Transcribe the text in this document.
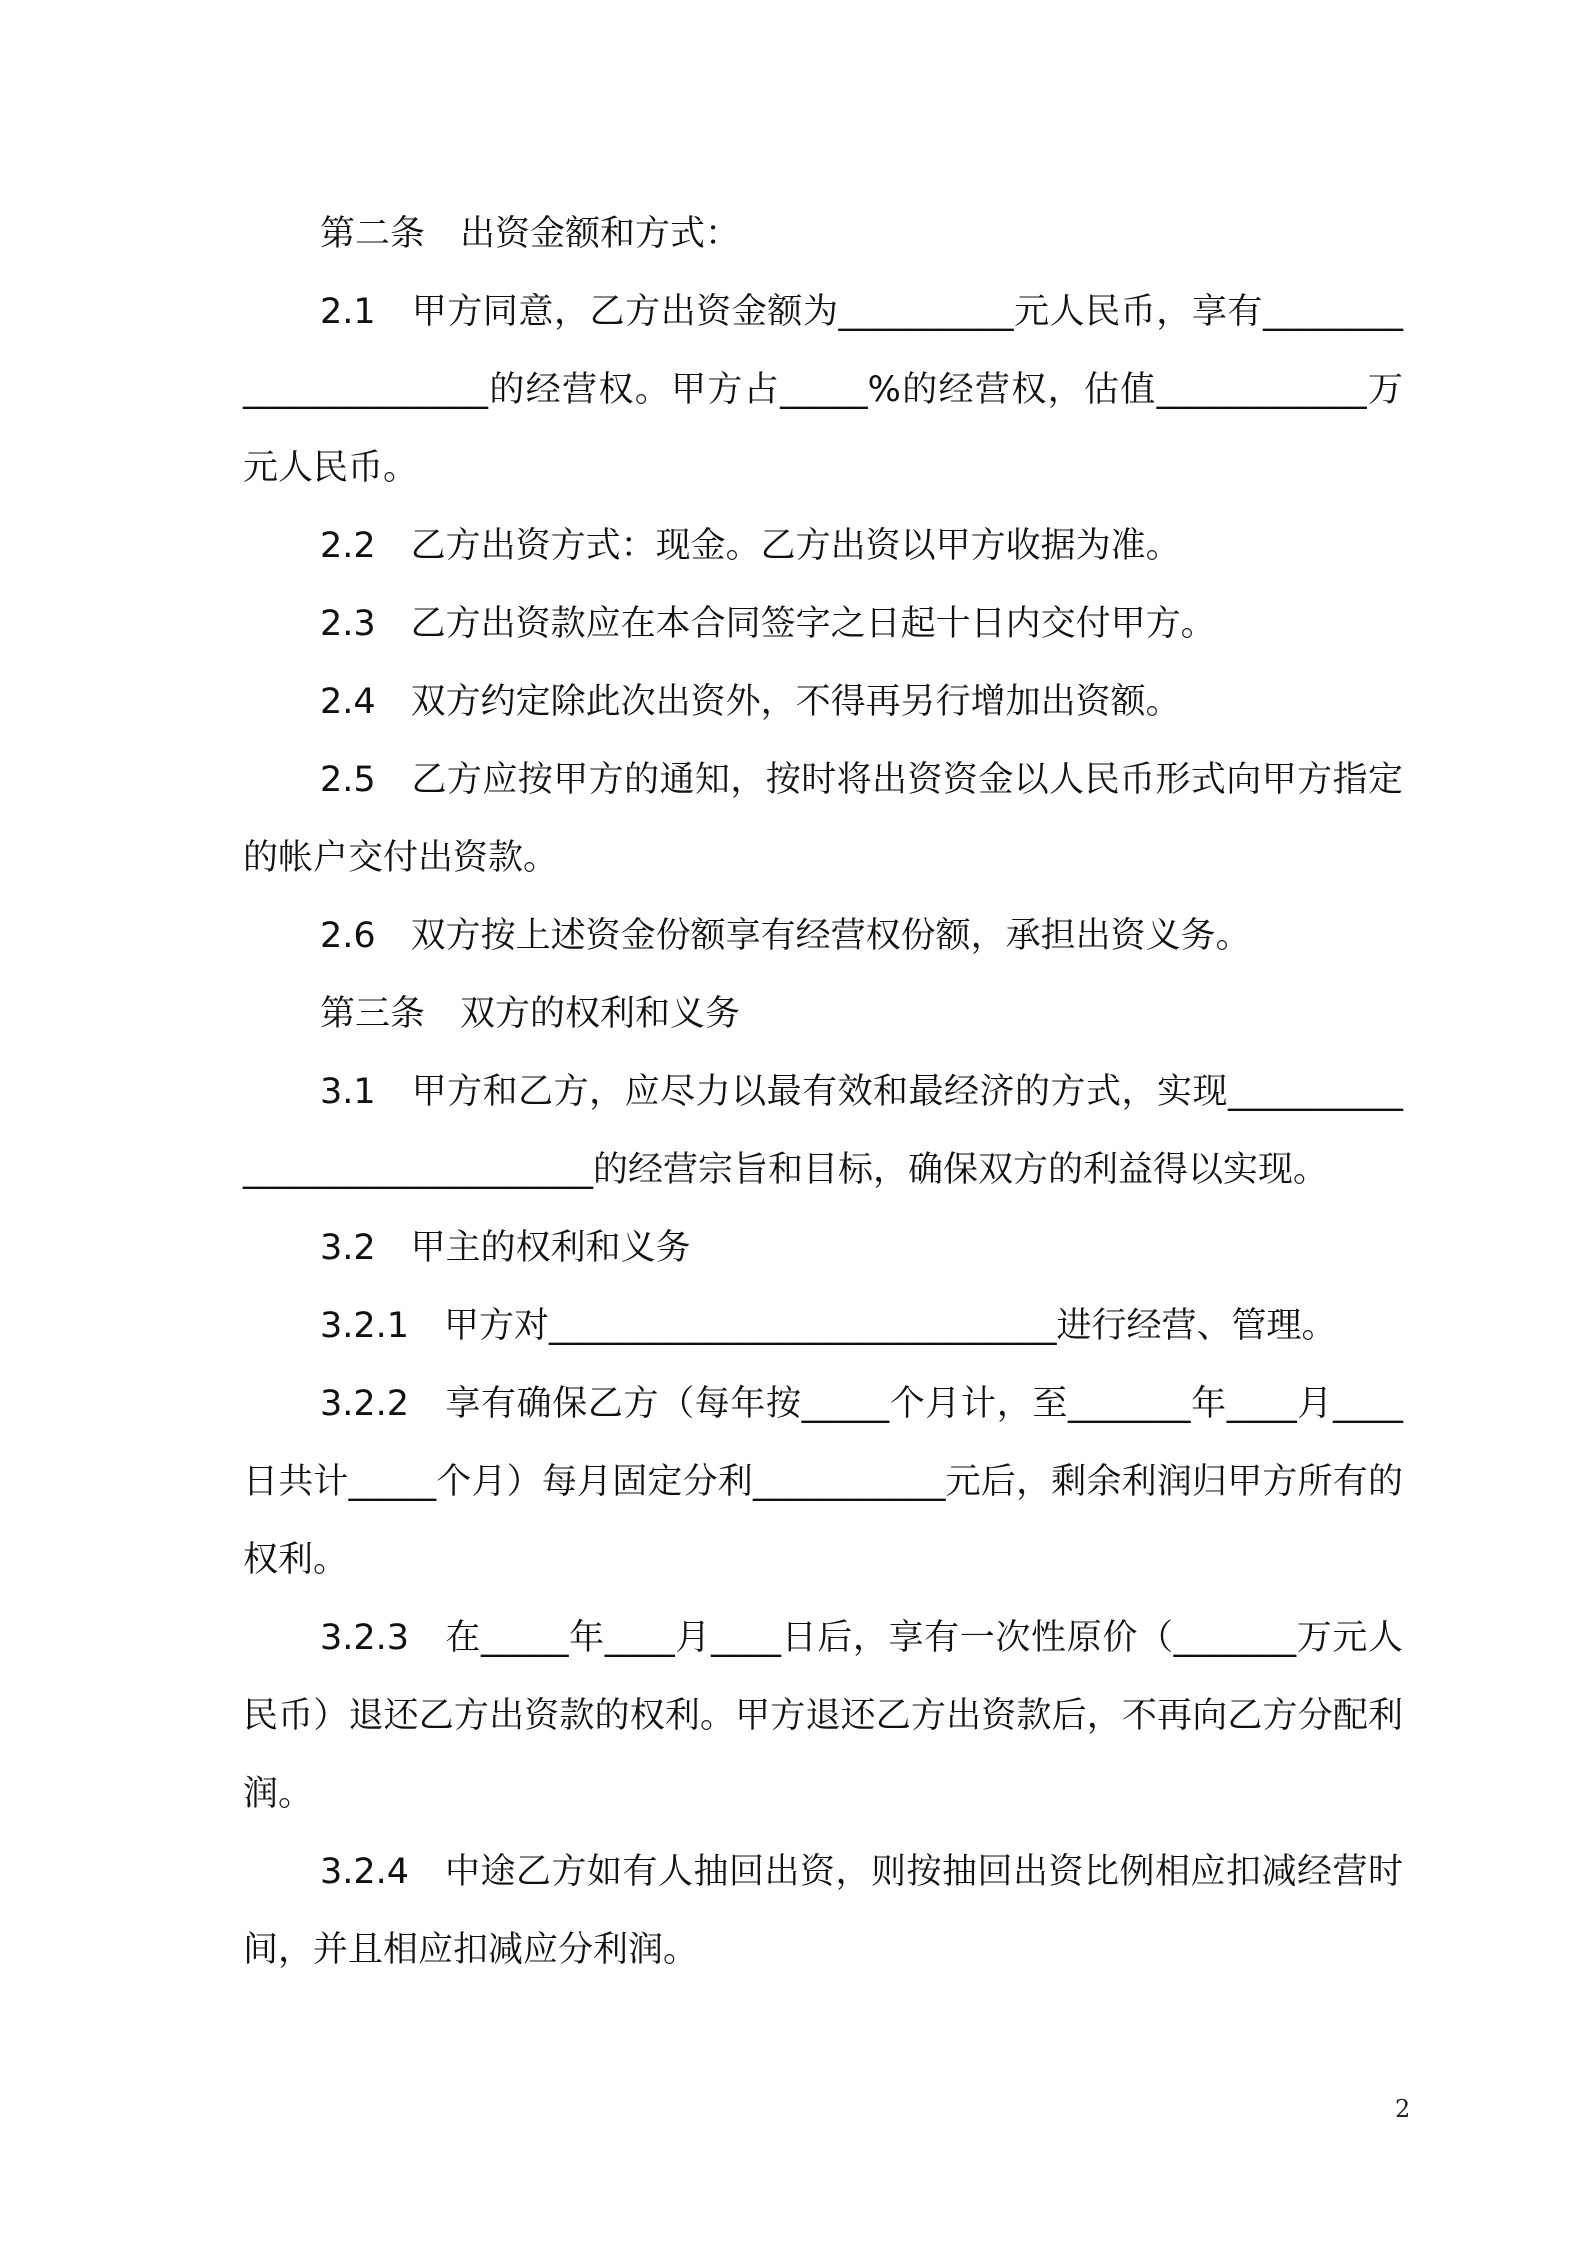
第二条　出资金额和方式：

2.1　甲方同意，乙方出资金额为__________元人民币，享有______________________的经营权。甲方占_____%的经营权，估值____________万元人民币。

2.2　乙方出资方式：现金。乙方出资以甲方收据为准。

2.3　乙方出资款应在本合同签字之日起十日内交付甲方。

2.4　双方约定除此次出资外，不得再另行增加出资额。

2.5　乙方应按甲方的通知，按时将出资资金以人民币形式向甲方指定的帐户交付出资款。

2.6　双方按上述资金份额享有经营权份额，承担出资义务。

第三条　双方的权利和义务

3.1　甲方和乙方，应尽力以最有效和最经济的方式，实现______________________________的经营宗旨和目标，确保双方的利益得以实现。

3.2　甲主的权利和义务

3.2.1　甲方对_____________________________进行经营、管理。

3.2.2　享有确保乙方（每年按_____个月计，至_______年____月____日共计_____个月）每月固定分利___________元后，剩余利润归甲方所有的权利。

3.2.3　在_____年____月____日后，享有一次性原价（_______万元人民币）退还乙方出资款的权利。甲方退还乙方出资款后，不再向乙方分配利润。

3.2.4　中途乙方如有人抽回出资，则按抽回出资比例相应扣减经营时间，并且相应扣减应分利润。

2
